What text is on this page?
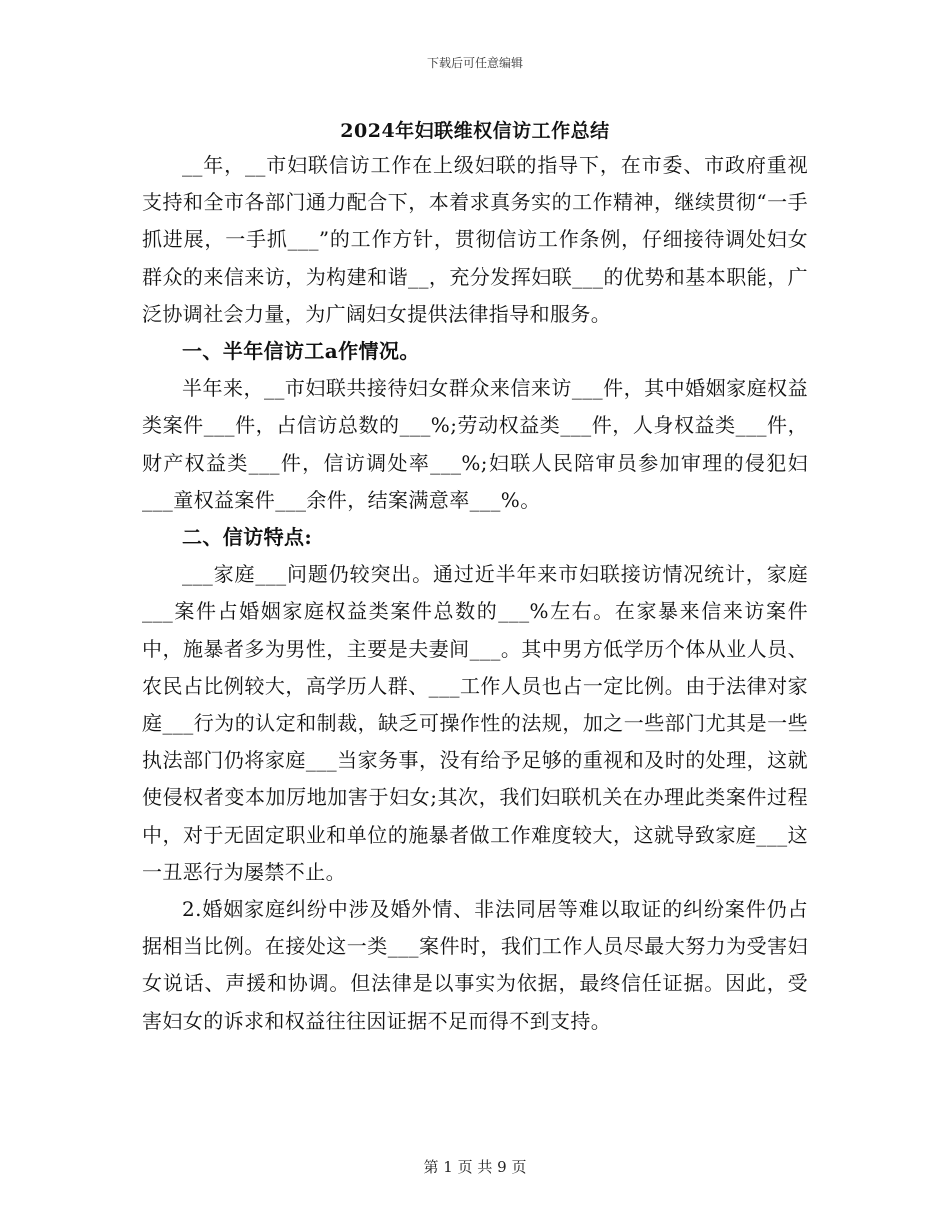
下载后可任意编辑
2024年妇联维权信访工作总结

__年，__市妇联信访工作在上级妇联的指导下，在市委、市政府重视支持和全市各部门通力配合下，本着求真务实的工作精神，继续贯彻“一手抓进展，一手抓___”的工作方针，贯彻信访工作条例，仔细接待调处妇女群众的来信来访，为构建和谐__，充分发挥妇联___的优势和基本职能，广泛协调社会力量，为广阔妇女提供法律指导和服务。

一、半年信访工a作情况。

半年来，__市妇联共接待妇女群众来信来访___件，其中婚姻家庭权益类案件___件，占信访总数的___%;劳动权益类___件，人身权益类___件，财产权益类___件，信访调处率___%;妇联人民陪审员参加审理的侵犯妇___童权益案件___余件，结案满意率___%。

二、信访特点:

___家庭___问题仍较突出。通过近半年来市妇联接访情况统计，家庭___案件占婚姻家庭权益类案件总数的___%左右。在家暴来信来访案件中，施暴者多为男性，主要是夫妻间___。其中男方低学历个体从业人员、农民占比例较大，高学历人群、___工作人员也占一定比例。由于法律对家庭___行为的认定和制裁，缺乏可操作性的法规，加之一些部门尤其是一些执法部门仍将家庭___当家务事，没有给予足够的重视和及时的处理，这就使侵权者变本加厉地加害于妇女;其次，我们妇联机关在办理此类案件过程中，对于无固定职业和单位的施暴者做工作难度较大，这就导致家庭___这一丑恶行为屡禁不止。

2.婚姻家庭纠纷中涉及婚外情、非法同居等难以取证的纠纷案件仍占据相当比例。在接处这一类___案件时，我们工作人员尽最大努力为受害妇女说话、声援和协调。但法律是以事实为依据，最终信任证据。因此，受害妇女的诉求和权益往往因证据不足而得不到支持。

第 1 页 共 9 页
